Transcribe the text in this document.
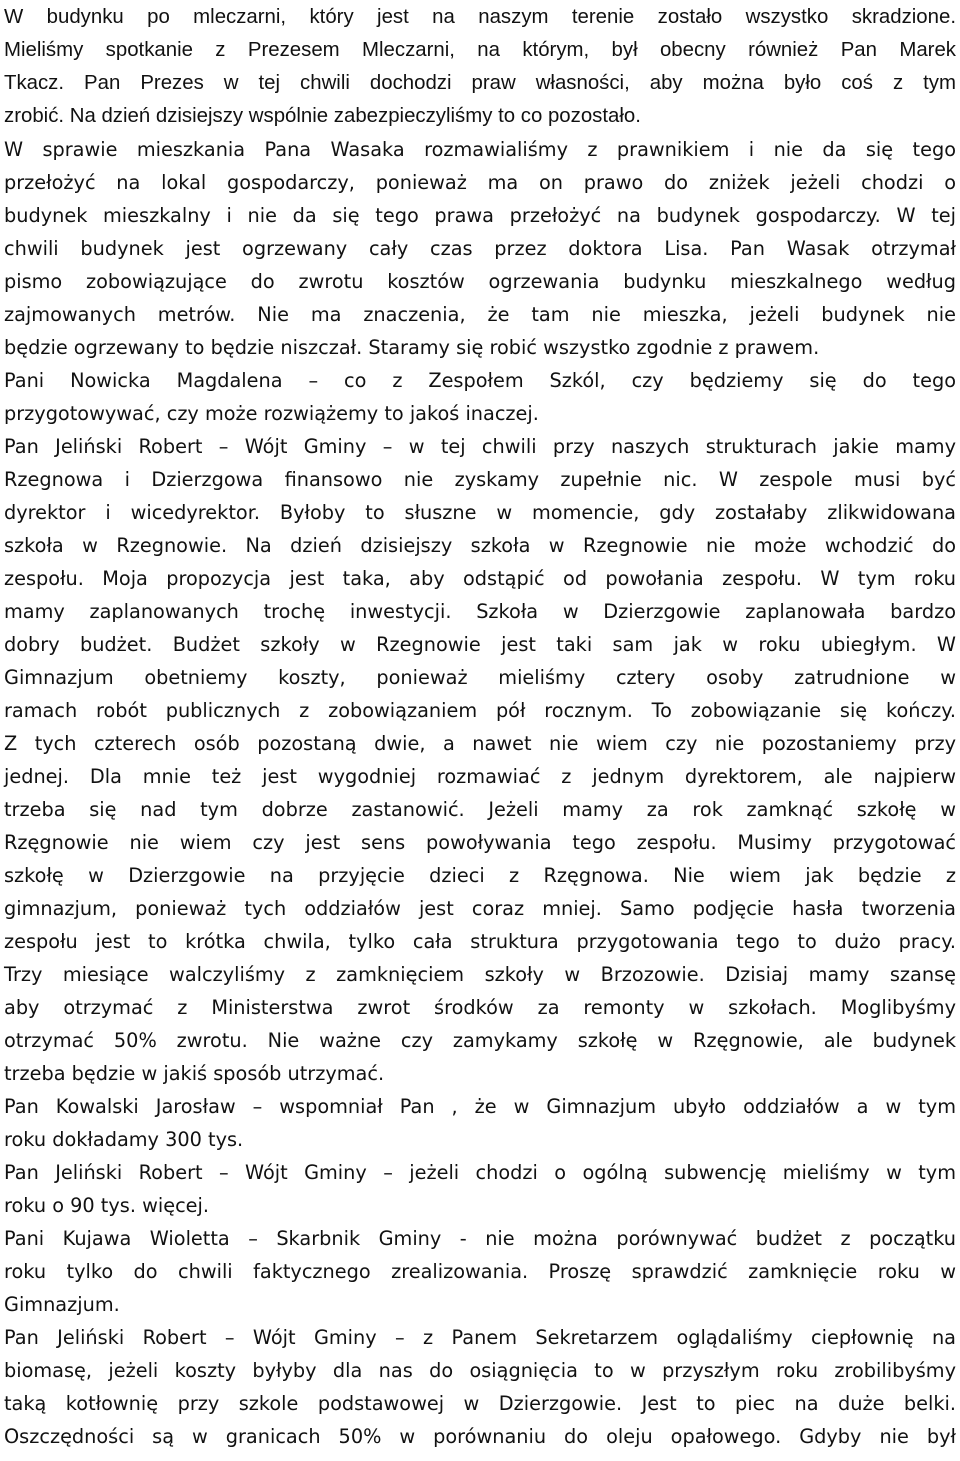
W budynku po mleczarni, który jest na naszym terenie zostało wszystko skradzione.
Mieliśmy spotkanie z Prezesem Mleczarni, na którym, był obecny również Pan Marek
Tkacz. Pan Prezes w tej chwili dochodzi praw własności, aby można było coś z tym
zrobić. Na dzień dzisiejszy wspólnie zabezpieczyliśmy to co pozostało.
W sprawie mieszkania Pana Wasaka rozmawialiśmy z prawnikiem i nie da się tego
przełożyć na lokal gospodarczy, ponieważ ma on prawo do zniżek jeżeli chodzi o
budynek mieszkalny i nie da się tego prawa przełożyć na budynek gospodarczy. W tej
chwili budynek jest ogrzewany cały czas przez doktora Lisa. Pan Wasak otrzymał
pismo zobowiązujące do zwrotu kosztów ogrzewania budynku mieszkalnego według
zajmowanych metrów. Nie ma znaczenia, że tam nie mieszka, jeżeli budynek nie
będzie ogrzewany to będzie niszczał. Staramy się robić wszystko zgodnie z prawem.
Pani Nowicka Magdalena – co z Zespołem Szkól, czy będziemy się do tego
przygotowywać, czy może rozwiążemy to jakoś inaczej.
Pan Jeliński Robert – Wójt Gminy – w tej chwili przy naszych strukturach jakie mamy
Rzegnowa i Dzierzgowa finansowo nie zyskamy zupełnie nic. W zespole musi być
dyrektor i wicedyrektor. Byłoby to słuszne w momencie, gdy zostałaby zlikwidowana
szkoła w Rzegnowie. Na dzień dzisiejszy szkoła w Rzegnowie nie może wchodzić do
zespołu. Moja propozycja jest taka, aby odstąpić od powołania zespołu. W tym roku
mamy zaplanowanych trochę inwestycji. Szkoła w Dzierzgowie zaplanowała bardzo
dobry budżet. Budżet szkoły w Rzegnowie jest taki sam jak w roku ubiegłym. W
Gimnazjum obetniemy koszty, ponieważ mieliśmy cztery osoby zatrudnione w
ramach robót publicznych z zobowiązaniem pół rocznym. To zobowiązanie się kończy.
Z tych czterech osób pozostaną dwie, a nawet nie wiem czy nie pozostaniemy przy
jednej. Dla mnie też jest wygodniej rozmawiać z jednym dyrektorem, ale najpierw
trzeba się nad tym dobrze zastanowić. Jeżeli mamy za rok zamknąć szkołę w
Rzęgnowie nie wiem czy jest sens powoływania tego zespołu. Musimy przygotować
szkołę w Dzierzgowie na przyjęcie dzieci z Rzęgnowa. Nie wiem jak będzie z
gimnazjum, ponieważ tych oddziałów jest coraz mniej. Samo podjęcie hasła tworzenia
zespołu jest to krótka chwila, tylko cała struktura przygotowania tego to dużo pracy.
Trzy miesiące walczyliśmy z zamknięciem szkoły w Brzozowie. Dzisiaj mamy szansę
aby otrzymać z Ministerstwa zwrot środków za remonty w szkołach. Moglibyśmy
otrzymać 50% zwrotu. Nie ważne czy zamykamy szkołę w Rzęgnowie, ale budynek
trzeba będzie w jakiś sposób utrzymać.
Pan Kowalski Jarosław – wspomniał Pan , że w Gimnazjum ubyło oddziałów a w tym
roku dokładamy 300 tys.
Pan Jeliński Robert – Wójt Gminy – jeżeli chodzi o ogólną subwencję mieliśmy w tym
roku o 90 tys. więcej.
Pani Kujawa Wioletta – Skarbnik Gminy - nie można porównywać budżet z początku
roku tylko do chwili faktycznego zrealizowania. Proszę sprawdzić zamknięcie roku w
Gimnazjum.
Pan Jeliński Robert – Wójt Gminy – z Panem Sekretarzem oglądaliśmy ciepłownię na
biomasę, jeżeli koszty byłyby dla nas do osiągnięcia to w przyszłym roku zrobilibyśmy
taką kotłownię przy szkole podstawowej w Dzierzgowie. Jest to piec na duże belki.
Oszczędności są w granicach 50% w porównaniu do oleju opałowego. Gdyby nie był
